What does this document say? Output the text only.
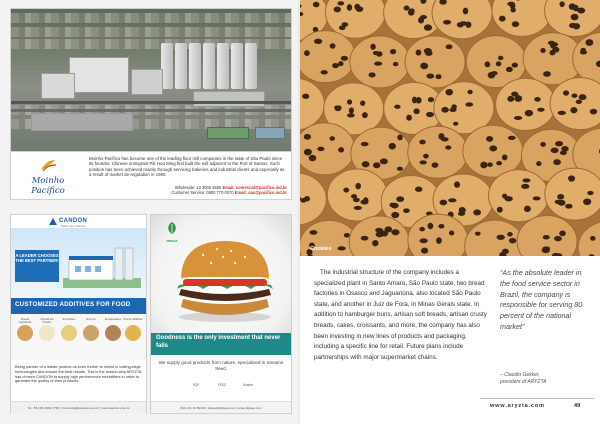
Moinho Pacífico
Moinho Pacífico has become one of the leading flour mill companies in the state of São Paulo since its founder, Chinese immigrant Pik Hoo Ming first built the mill adjacent to the Port of Santos. Such position has been achieved mainly through servicing bakeries and industrial clients and especially as a result of market de-regulation in 1990.
Wholesale: 13 3000 5555 Email: comercial@pacifico.ind.br
Customer Service: 0800 770 0070 Email: sac@pacifico.ind.br
CANDON
Sabor por Ciência
A LEADER CHOOSES THE BEST PARTNER!
CUSTOMIZED ADDITIVES FOR FOOD
Special Ingredients
Special Fat Powder
Emulsifiers	Enzyme	Encapsulation Premix Additives
Being partner of a leader pushes us even further to invest in cutting-edge technologies and ensure the best results. This is the reason why ARYZTA has chosen CANDON to supply high performance emulsifiers in order to garantee the quality of their products.
Tel.: 55 (45) 3284 7700 | Comercial@candon.com.br | www.candon.com.br
DIPASA
Goodness is the only investment that never fails
We supply good products from nature, specialized in Sesame Seed.
SQF	FSSC	Kosher
(52) 411 15 50100 | dipasa@dipasa.com | www.dipasa.com
Cookies
The industrial structure of the company includes a specialized plant in Santo Amaro, São Paulo state, two bread factories in Osasco and Jaguariúna, also located São Paulo state, and another in Juiz de Fora, in Minas Gerais state. In addition to hamburger buns, artisan soft breads, artisan crusty breads, cakes, croissants, and more, the company has also been investing in new lines of products and packaging, including a specific line for retail. Future plans include partnerships with major supermarket chains.
“As the absolute leader in the food service sector in Brazil, the company is responsible for serving 80 percent of the national market”
– Claudio Gekker,
president of ARYZTA
www.aryzta.com	49
